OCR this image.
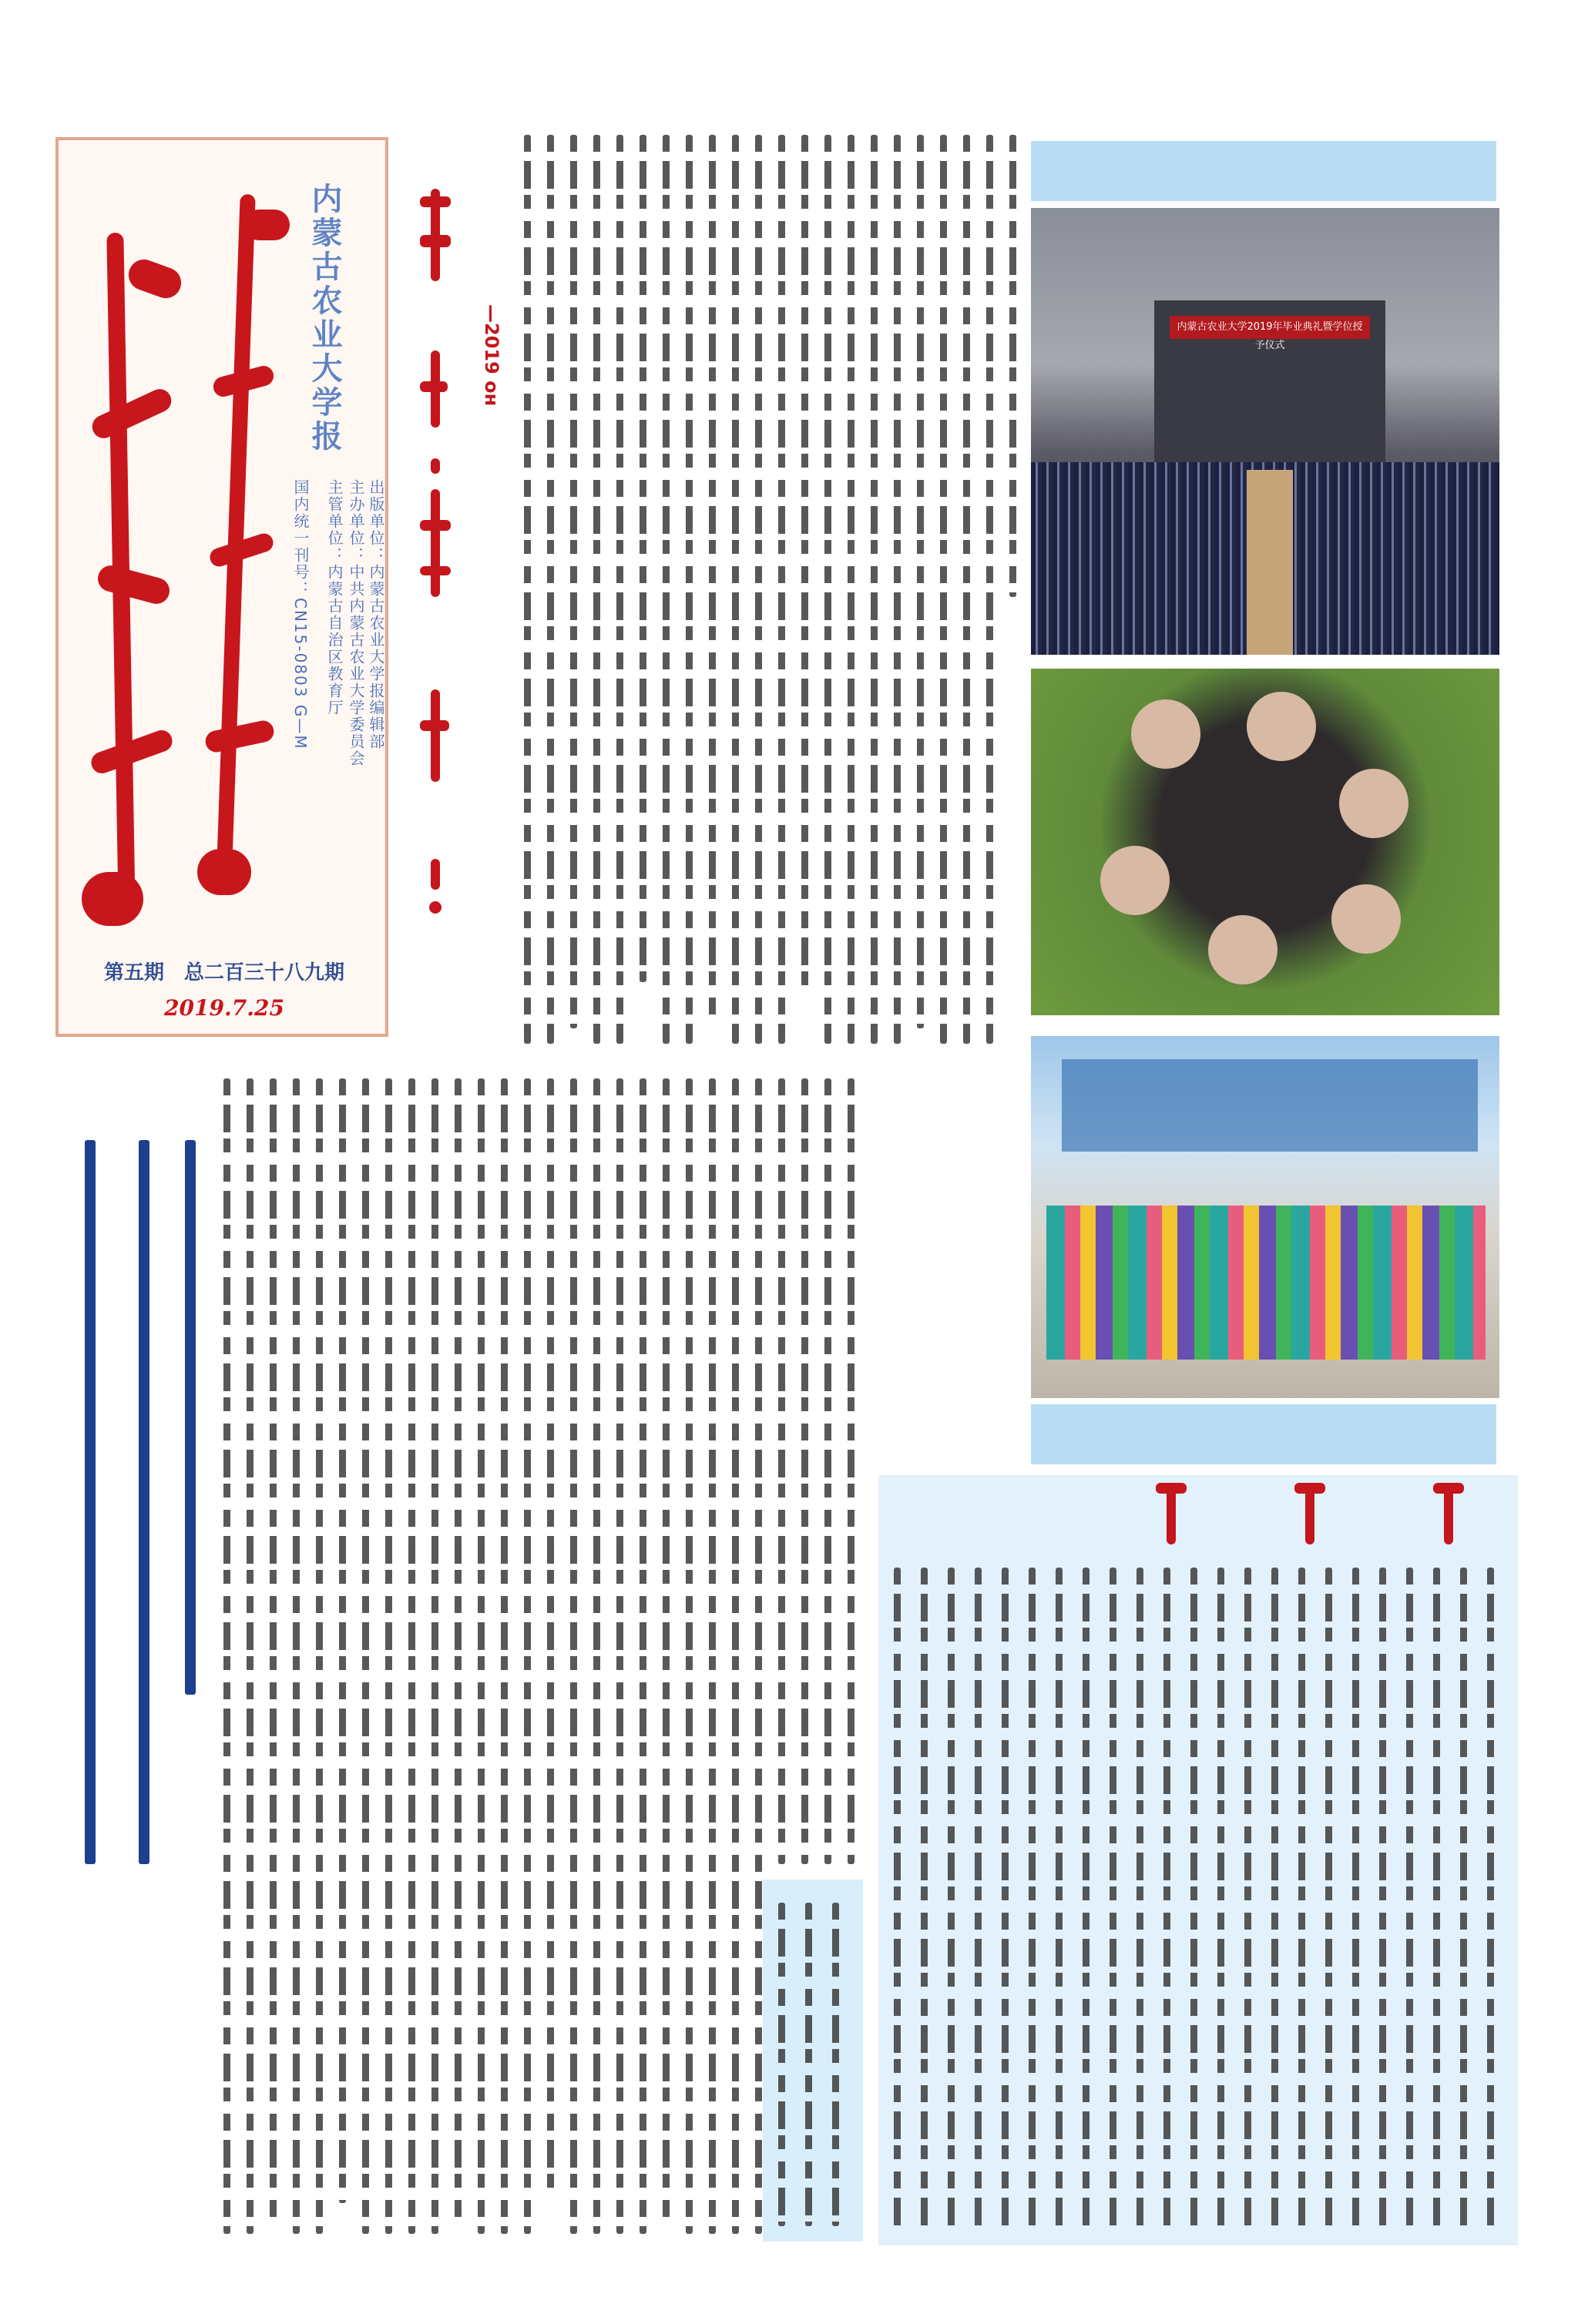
内蒙古农业大学报
国内统一刊号：CN15-0803 G—M 主办单位：中共内蒙古农业大学委员会
主管单位：内蒙古自治区教育厅 出版单位：内蒙古农业大学报编辑部
第五期　总二百三十八九期
2019.7.25
—2019 он	内蒙古农业大学2019年毕业典礼暨学位授予仪式
